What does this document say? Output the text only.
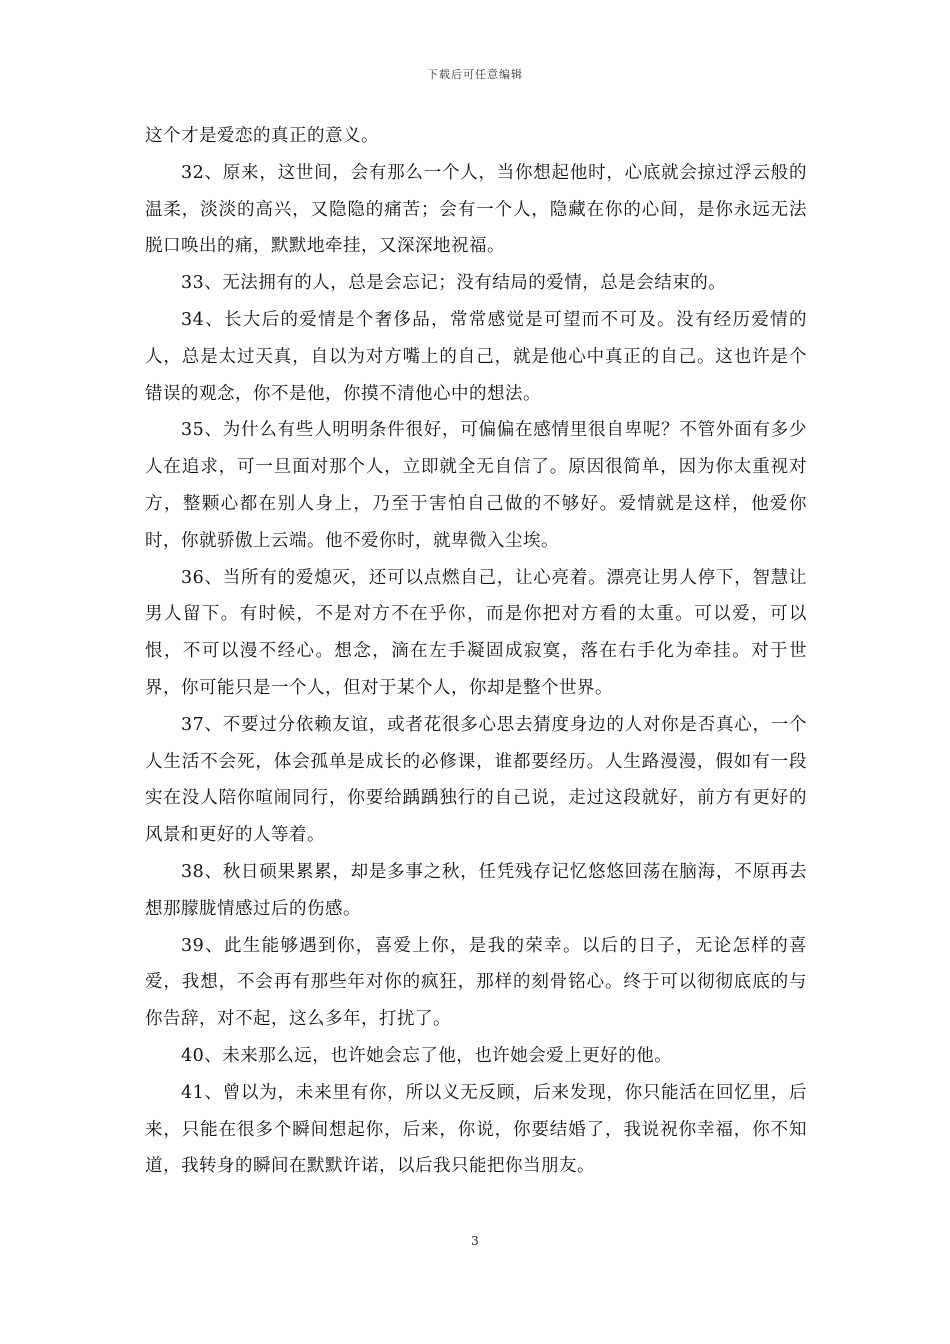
下载后可任意编辑

这个才是爱恋的真正的意义。

32、原来，这世间，会有那么一个人，当你想起他时，心底就会掠过浮云般的温柔，淡淡的高兴，又隐隐的痛苦；会有一个人，隐藏在你的心间，是你永远无法脱口唤出的痛，默默地牵挂，又深深地祝福。

33、无法拥有的人，总是会忘记；没有结局的爱情，总是会结束的。

34、长大后的爱情是个奢侈品，常常感觉是可望而不可及。没有经历爱情的人，总是太过天真，自以为对方嘴上的自己，就是他心中真正的自己。这也许是个错误的观念，你不是他，你摸不清他心中的想法。

35、为什么有些人明明条件很好，可偏偏在感情里很自卑呢？不管外面有多少人在追求，可一旦面对那个人，立即就全无自信了。原因很简单，因为你太重视对方，整颗心都在别人身上，乃至于害怕自己做的不够好。爱情就是这样，他爱你时，你就骄傲上云端。他不爱你时，就卑微入尘埃。

36、当所有的爱熄灭，还可以点燃自己，让心亮着。漂亮让男人停下，智慧让男人留下。有时候，不是对方不在乎你，而是你把对方看的太重。可以爱，可以恨，不可以漫不经心。想念，滴在左手凝固成寂寞，落在右手化为牵挂。对于世界，你可能只是一个人，但对于某个人，你却是整个世界。

37、不要过分依赖友谊，或者花很多心思去猜度身边的人对你是否真心，一个人生活不会死，体会孤单是成长的必修课，谁都要经历。人生路漫漫，假如有一段实在没人陪你喧闹同行，你要给踽踽独行的自己说，走过这段就好，前方有更好的风景和更好的人等着。

38、秋日硕果累累，却是多事之秋，任凭残存记忆悠悠回荡在脑海，不原再去想那朦胧情感过后的伤感。

39、此生能够遇到你，喜爱上你，是我的荣幸。以后的日子，无论怎样的喜爱，我想，不会再有那些年对你的疯狂，那样的刻骨铭心。终于可以彻彻底底的与你告辞，对不起，这么多年，打扰了。

40、未来那么远，也许她会忘了他，也许她会爱上更好的他。

41、曾以为，未来里有你，所以义无反顾，后来发现，你只能活在回忆里，后来，只能在很多个瞬间想起你，后来，你说，你要结婚了，我说祝你幸福，你不知道，我转身的瞬间在默默许诺，以后我只能把你当朋友。

3
